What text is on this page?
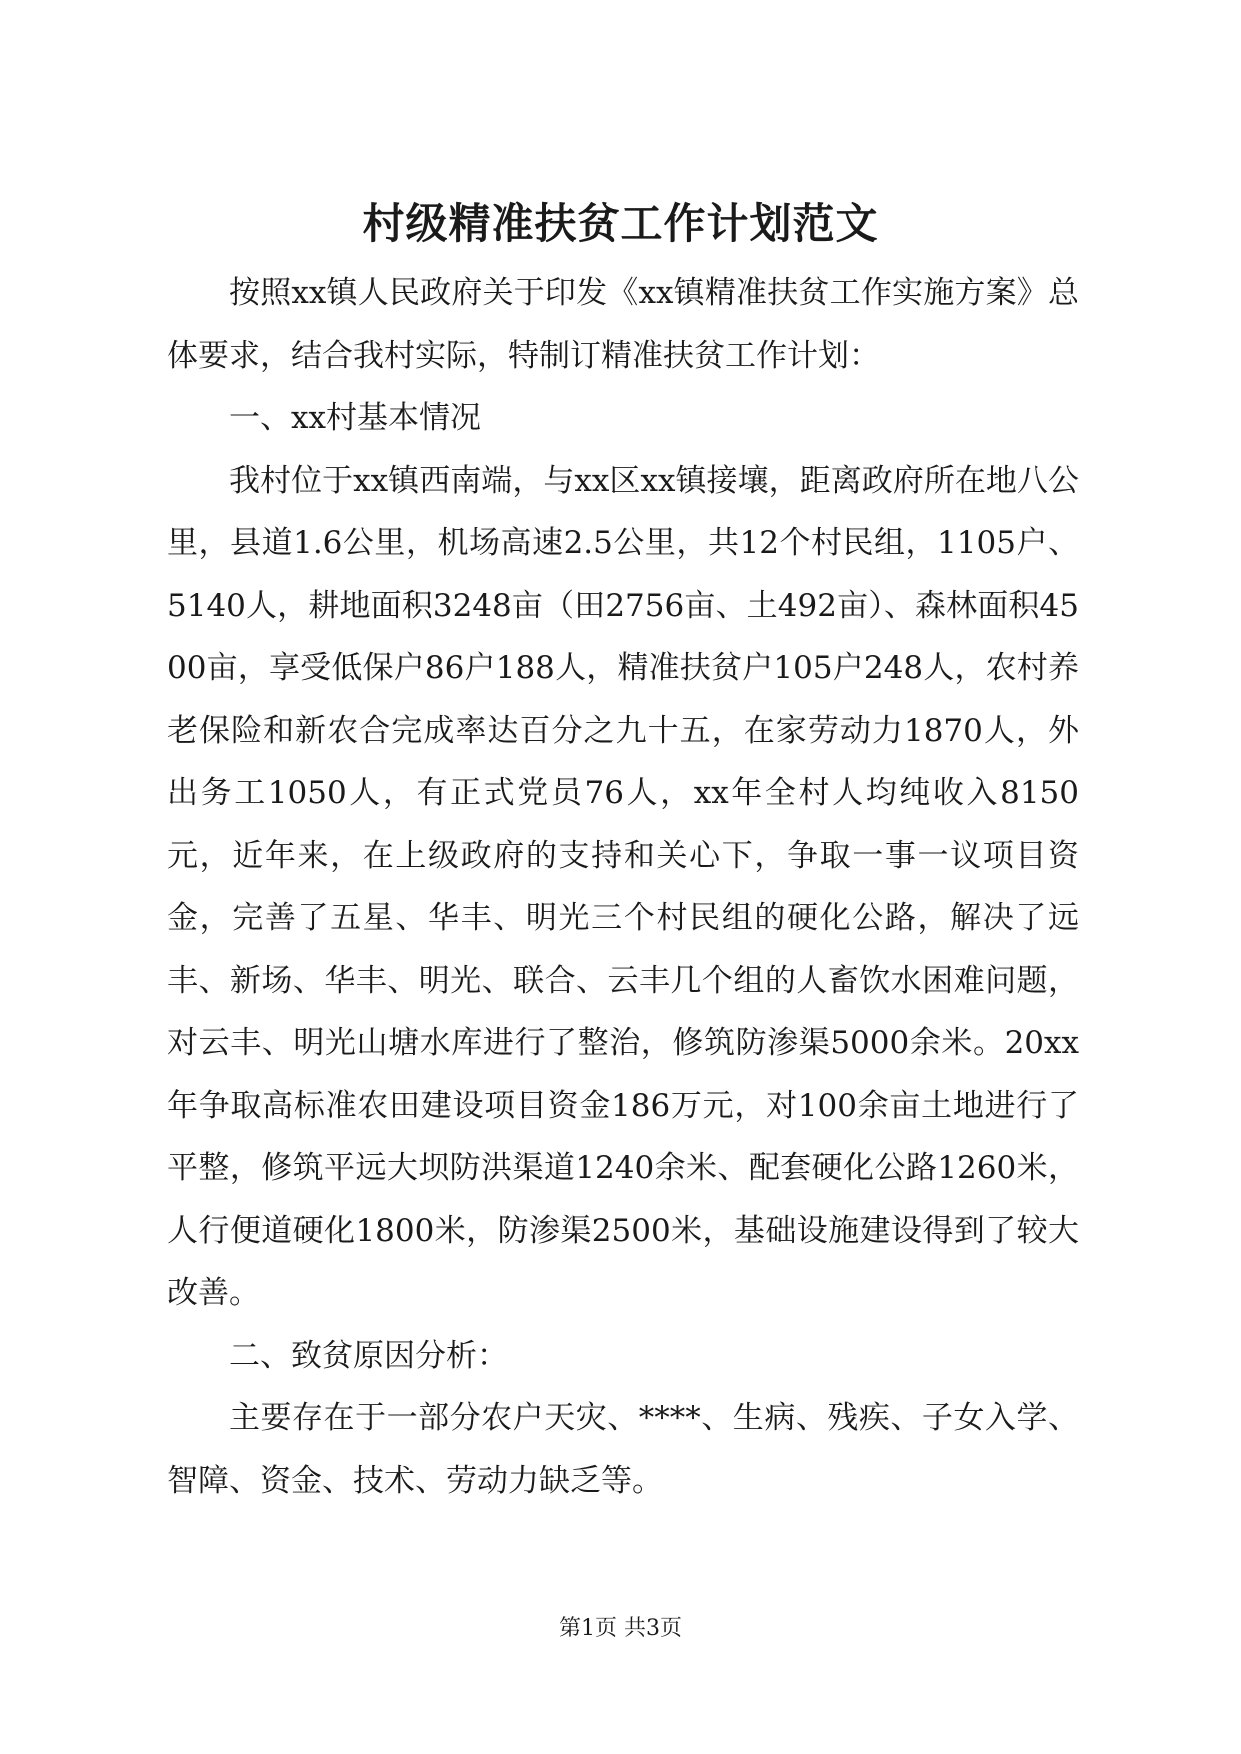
村级精准扶贫工作计划范文

按照xx镇人民政府关于印发《xx镇精准扶贫工作实施方案》总体要求，结合我村实际，特制订精准扶贫工作计划：

一、xx村基本情况

我村位于xx镇西南端，与xx区xx镇接壤，距离政府所在地八公里，县道1.6公里，机场高速2.5公里，共12个村民组，1105户、5140人，耕地面积3248亩（田2756亩、土492亩）、森林面积4500亩，享受低保户86户188人，精准扶贫户105户248人，农村养老保险和新农合完成率达百分之九十五，在家劳动力1870人，外出务工1050人，有正式党员76人，xx年全村人均纯收入8150元，近年来，在上级政府的支持和关心下，争取一事一议项目资金，完善了五星、华丰、明光三个村民组的硬化公路，解决了远丰、新场、华丰、明光、联合、云丰几个组的人畜饮水困难问题，对云丰、明光山塘水库进行了整治，修筑防渗渠5000余米。20xx年争取高标准农田建设项目资金186万元，对100余亩土地进行了平整，修筑平远大坝防洪渠道1240余米、配套硬化公路1260米，人行便道硬化1800米，防渗渠2500米，基础设施建设得到了较大改善。

二、致贫原因分析：

主要存在于一部分农户天灾、****、生病、残疾、子女入学、智障、资金、技术、劳动力缺乏等。

第1页 共3页
